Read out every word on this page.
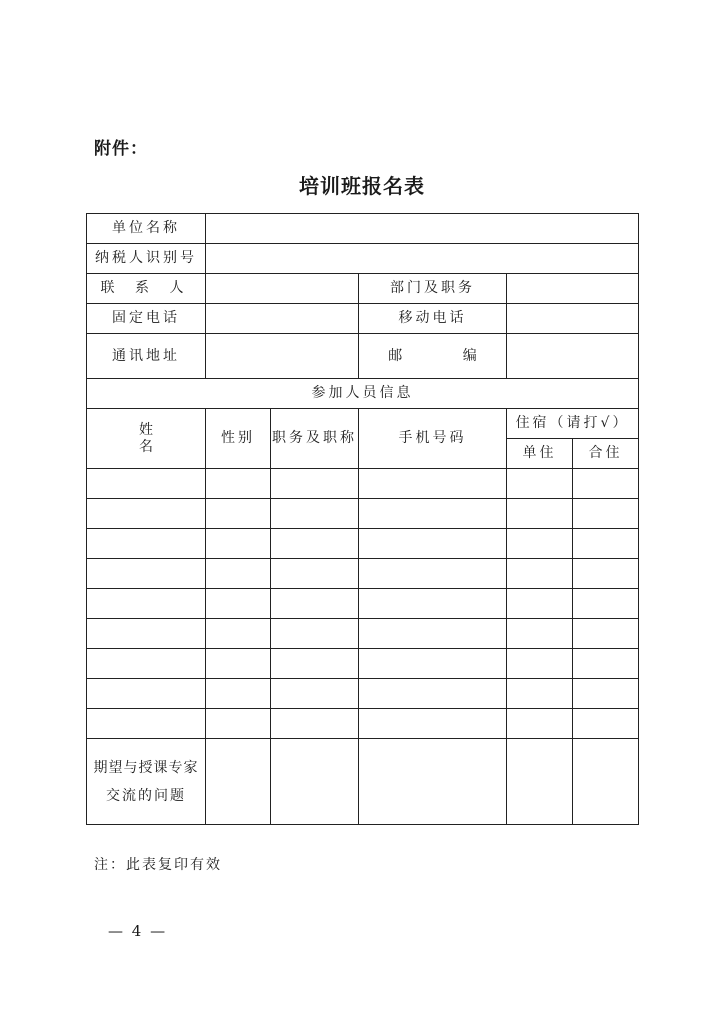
附件：
培训班报名表
单位名称					
纳税人识别号					
联 系 人			部门及职务		
固定电话			移动电话		
通讯地址			邮 编		
参加人员信息					
姓 名	性别	职务及职称	手机号码	住宿（请打√）	
				单住	合住

期望与授课专家
交流的问题					

注：此表复印有效
— 4 —
